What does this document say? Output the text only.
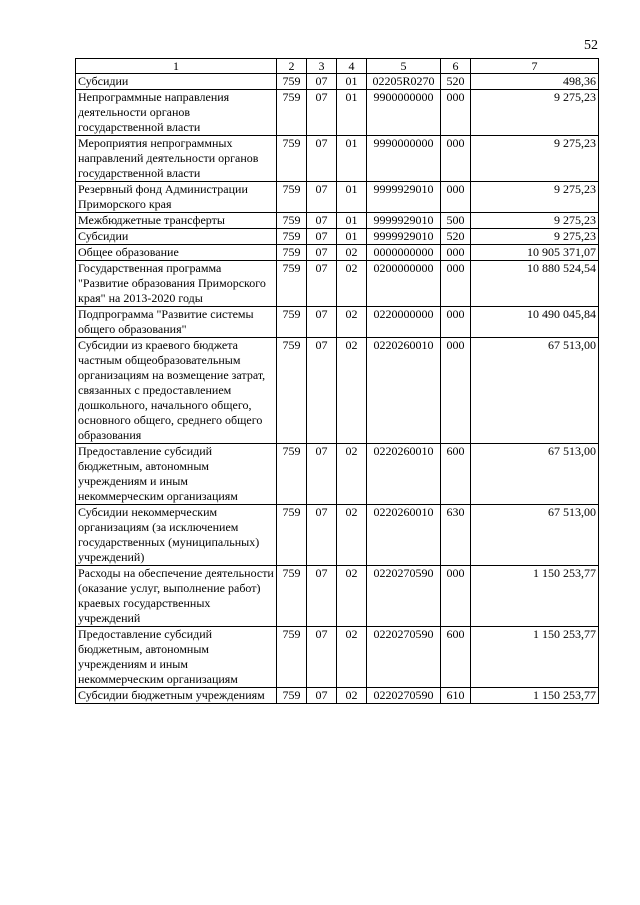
52
1	2	3	4	5	6	7
Субсидии	759	07	01	02205R0270	520	498,36
Непрограммные направления деятельности органов государственной власти	759	07	01	9900000000	000	9 275,23
Мероприятия непрограммных направлений деятельности органов государственной власти	759	07	01	9990000000	000	9 275,23
Резервный фонд Администрации Приморского края	759	07	01	9999929010	000	9 275,23
Межбюджетные трансферты	759	07	01	9999929010	500	9 275,23
Субсидии	759	07	01	9999929010	520	9 275,23
Общее образование	759	07	02	0000000000	000	10 905 371,07
Государственная программа "Развитие образования Приморского края" на 2013-2020 годы	759	07	02	0200000000	000	10 880 524,54
Подпрограмма "Развитие системы общего образования"	759	07	02	0220000000	000	10 490 045,84
Субсидии из краевого бюджета частным общеобразовательным организациям на возмещение затрат, связанных с предоставлением дошкольного, начального общего, основного общего, среднего общего образования	759	07	02	0220260010	000	67 513,00
Предоставление субсидий бюджетным, автономным учреждениям и иным некоммерческим организациям	759	07	02	0220260010	600	67 513,00
Субсидии некоммерческим организациям (за исключением государственных (муниципальных) учреждений)	759	07	02	0220260010	630	67 513,00
Расходы на обеспечение деятельности (оказание услуг, выполнение работ) краевых государственных учреждений	759	07	02	0220270590	000	1 150 253,77
Предоставление субсидий бюджетным, автономным учреждениям и иным некоммерческим организациям	759	07	02	0220270590	600	1 150 253,77
Субсидии бюджетным учреждениям	759	07	02	0220270590	610	1 150 253,77
